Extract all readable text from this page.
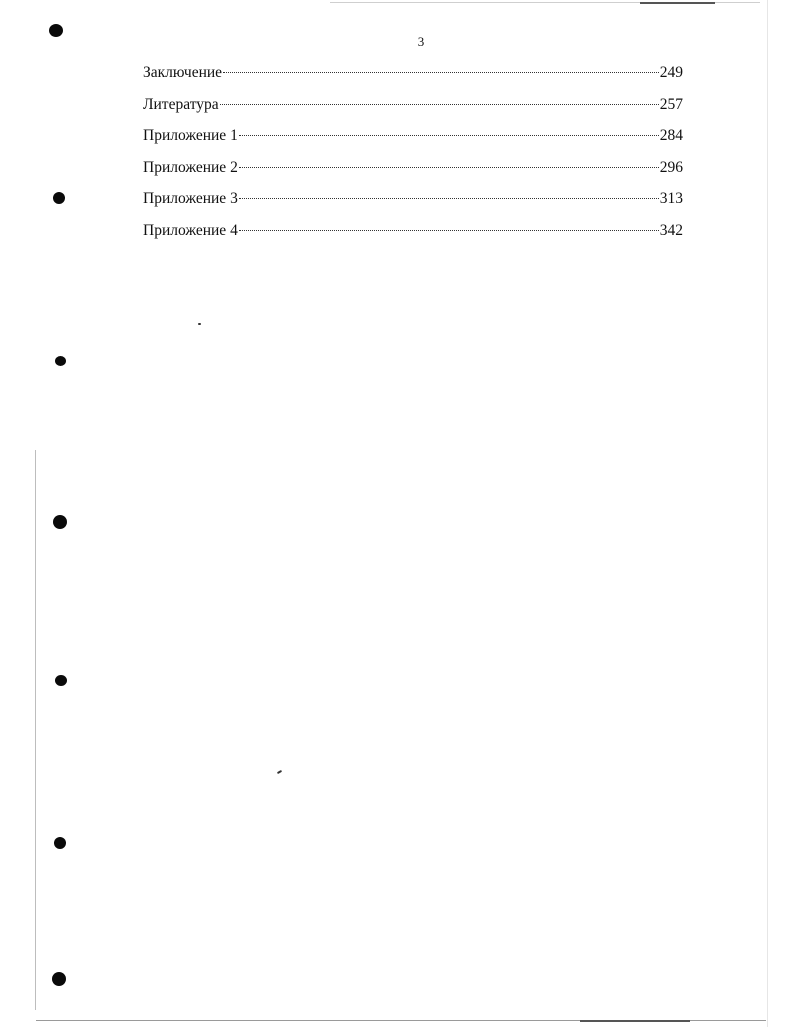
3
Заключение	249
Литература	257
Приложение 1	284
Приложение 2	296
Приложение 3	313
Приложение 4	342
